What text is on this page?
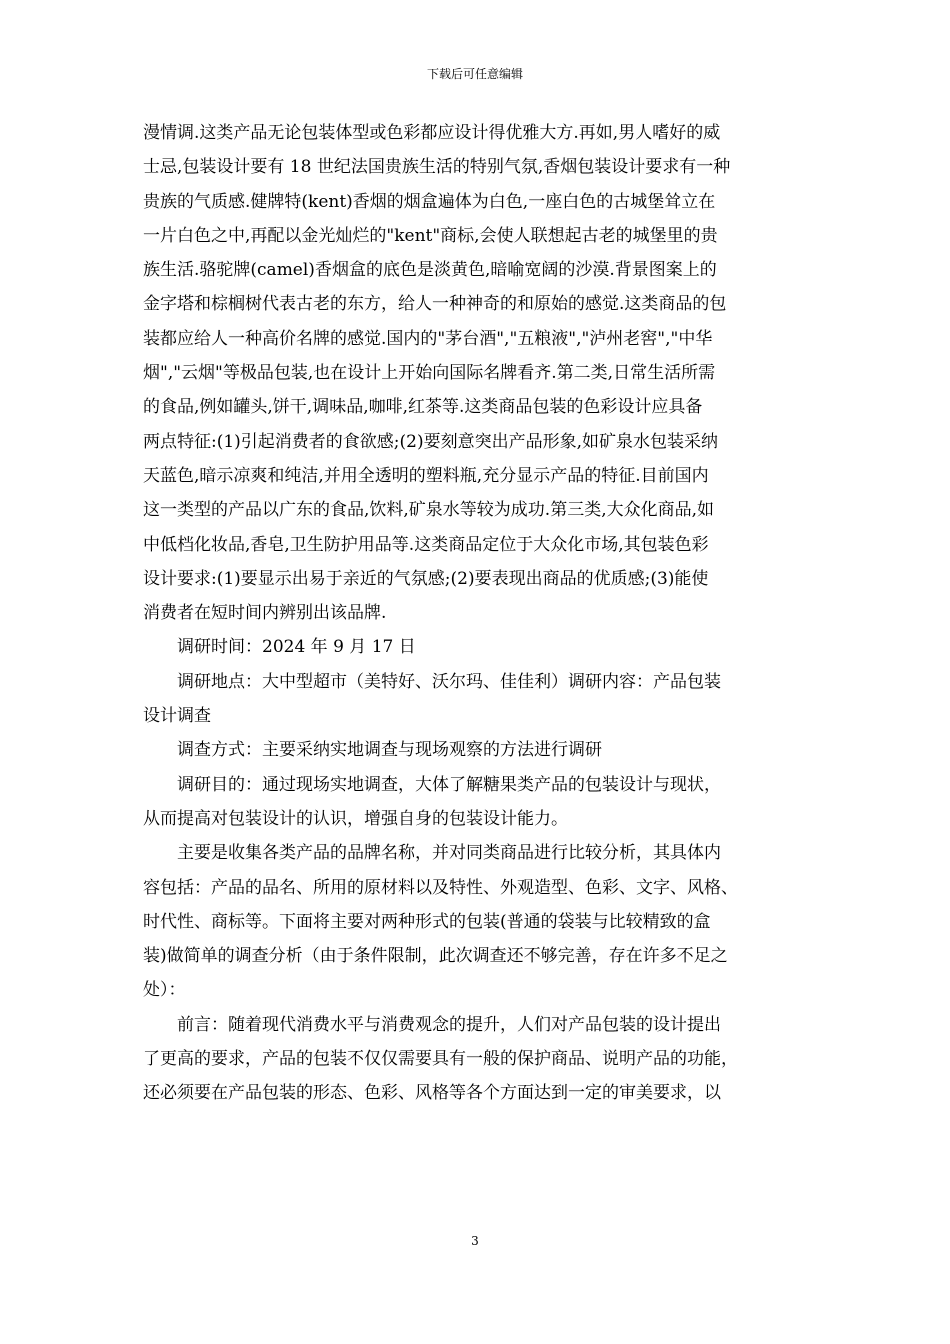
下载后可任意编辑
漫情调.这类产品无论包装体型或色彩都应设计得优雅大方.再如,男人嗜好的威
士忌,包装设计要有 18 世纪法国贵族生活的特别气氛,香烟包装设计要求有一种
贵族的气质感.健牌特(kent)香烟的烟盒遍体为白色,一座白色的古城堡耸立在
一片白色之中,再配以金光灿烂的"kent"商标,会使人联想起古老的城堡里的贵
族生活.骆驼牌(camel)香烟盒的底色是淡黄色,暗喻宽阔的沙漠.背景图案上的
金字塔和棕榈树代表古老的东方，给人一种神奇的和原始的感觉.这类商品的包
装都应给人一种高价名牌的感觉.国内的"茅台酒","五粮液","泸州老窖","中华
烟","云烟"等极品包装,也在设计上开始向国际名牌看齐.第二类,日常生活所需
的食品,例如罐头,饼干,调味品,咖啡,红茶等.这类商品包装的色彩设计应具备
两点特征:(1)引起消费者的食欲感;(2)要刻意突出产品形象,如矿泉水包装采纳
天蓝色,暗示凉爽和纯洁,并用全透明的塑料瓶,充分显示产品的特征.目前国内
这一类型的产品以广东的食品,饮料,矿泉水等较为成功.第三类,大众化商品,如
中低档化妆品,香皂,卫生防护用品等.这类商品定位于大众化市场,其包装色彩
设计要求:(1)要显示出易于亲近的气氛感;(2)要表现出商品的优质感;(3)能使
消费者在短时间内辨别出该品牌.
调研时间：2024 年 9 月 17 日
调研地点：大中型超市（美特好、沃尔玛、佳佳利）调研内容：产品包装
设计调查
调查方式：主要采纳实地调查与现场观察的方法进行调研
调研目的：通过现场实地调查，大体了解糖果类产品的包装设计与现状，
从而提高对包装设计的认识，增强自身的包装设计能力。
主要是收集各类产品的品牌名称，并对同类商品进行比较分析，其具体内
容包括：产品的品名、所用的原材料以及特性、外观造型、色彩、文字、风格、
时代性、商标等。下面将主要对两种形式的包装(普通的袋装与比较精致的盒
装)做简单的调查分析（由于条件限制，此次调查还不够完善，存在许多不足之
处）：
前言：随着现代消费水平与消费观念的提升，人们对产品包装的设计提出
了更高的要求，产品的包装不仅仅需要具有一般的保护商品、说明产品的功能，
还必须要在产品包装的形态、色彩、风格等各个方面达到一定的审美要求，以
3
